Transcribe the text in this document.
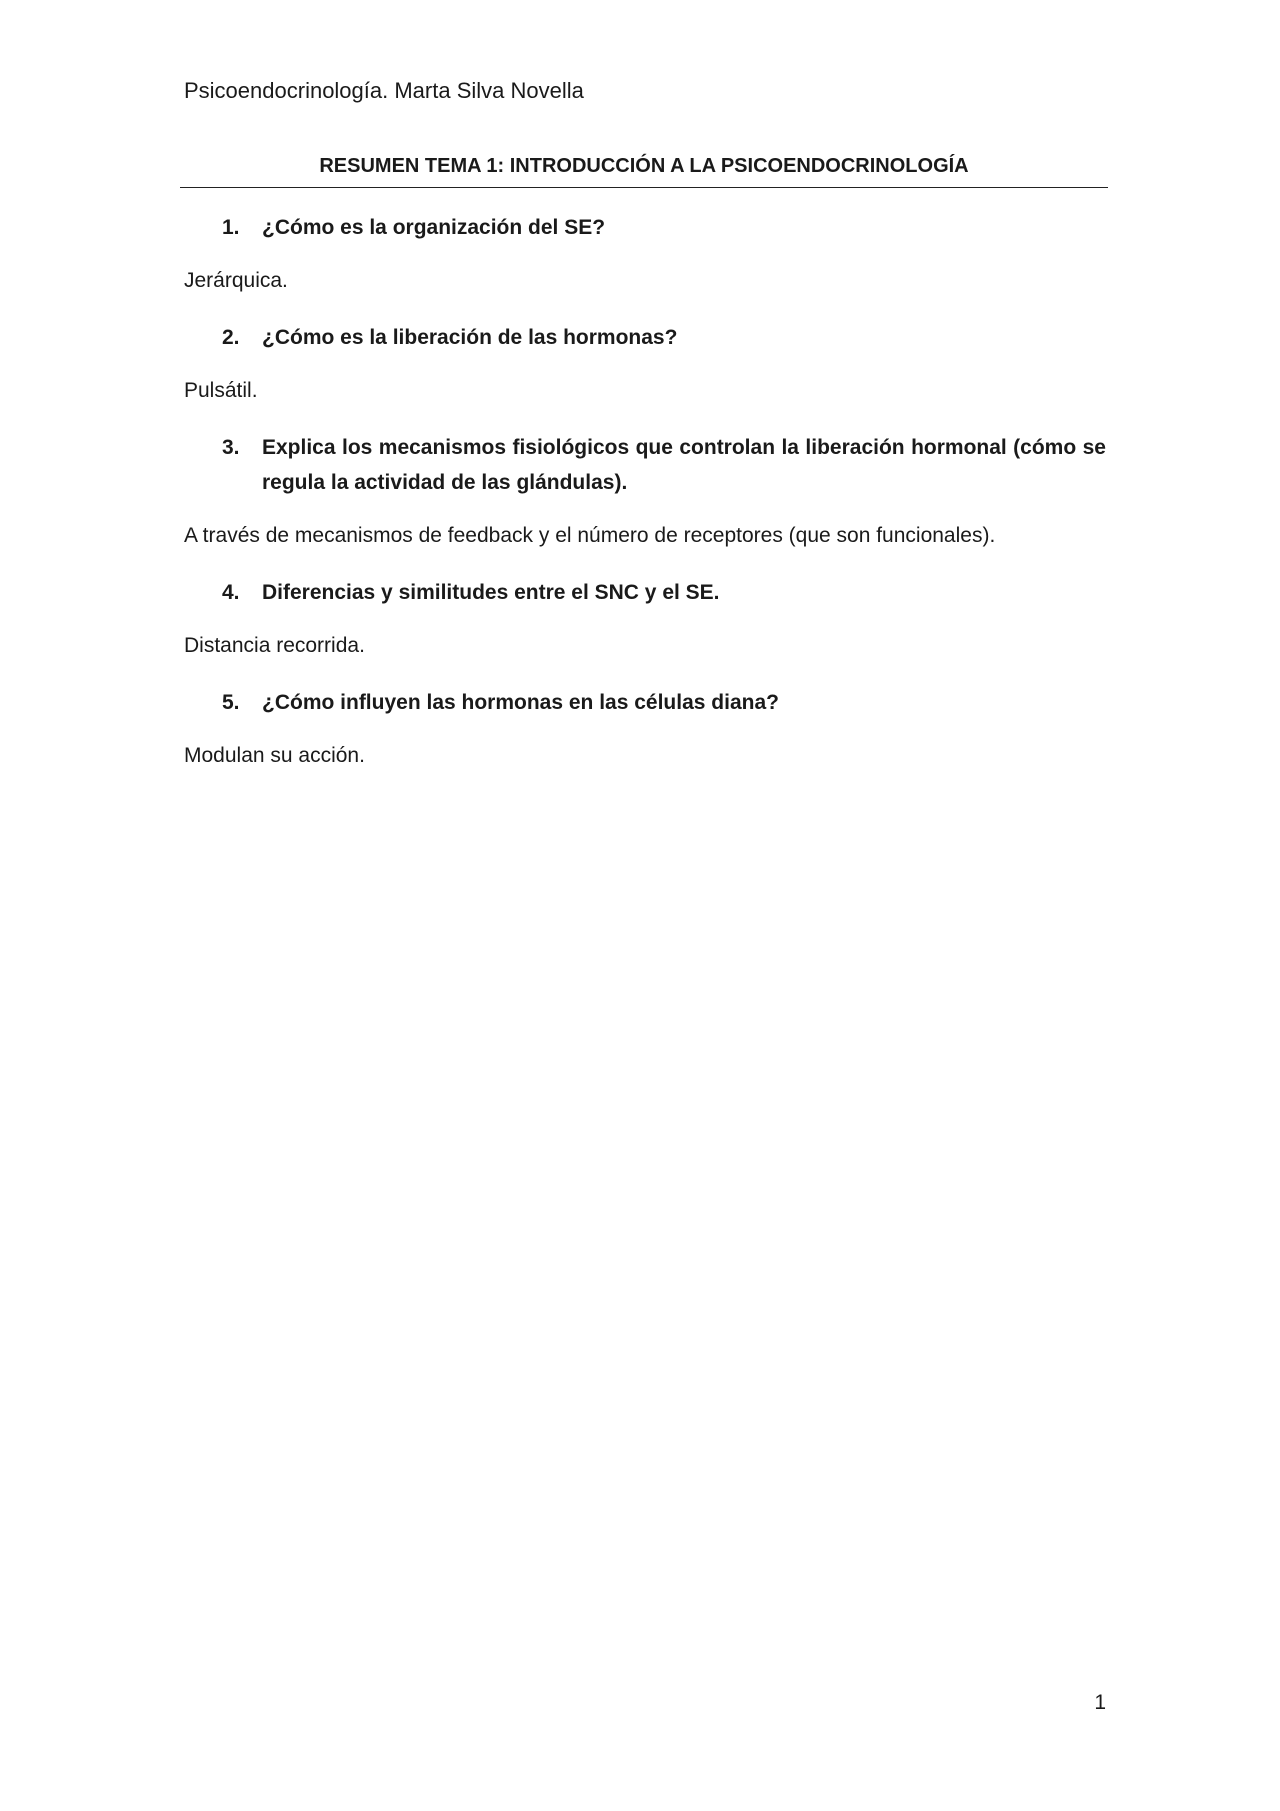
Psicoendocrinología. Marta Silva Novella
RESUMEN TEMA 1: INTRODUCCIÓN A LA PSICOENDOCRINOLOGÍA
1.	¿Cómo es la organización del SE?
Jerárquica.
2.	¿Cómo es la liberación de las hormonas?
Pulsátil.
3.	Explica los mecanismos fisiológicos que controlan la liberación hormonal (cómo se regula la actividad de las glándulas).
A través de mecanismos de feedback y el número de receptores (que son funcionales).
4.	Diferencias y similitudes entre el SNC y el SE.
Distancia recorrida.
5.	¿Cómo influyen las hormonas en las células diana?
Modulan su acción.
1
